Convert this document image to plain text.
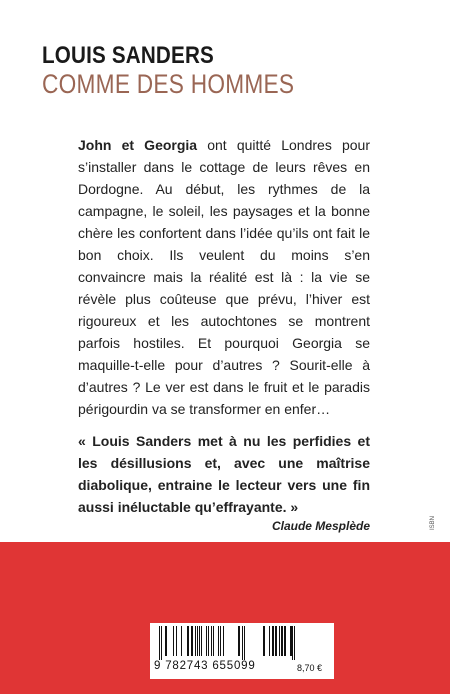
LOUIS SANDERS
COMME DES HOMMES

John et Georgia ont quitté Londres pour s’installer dans le cottage de leurs rêves en Dordogne. Au début, les rythmes de la campagne, le soleil, les paysages et la bonne chère les confortent dans l’idée qu’ils ont fait le bon choix. Ils veulent du moins s’en convaincre mais la réalité est là : la vie se révèle plus coûteuse que prévu, l’hiver est rigoureux et les autochtones se montrent parfois hostiles. Et pourquoi Georgia se maquille-t-elle pour d’autres ? Sourit-elle à d’autres ? Le ver est dans le fruit et le paradis périgourdin va se transformer en enfer…

« Louis Sanders met à nu les perfidies et les désillusions et, avec une maîtrise diabolique, entraine le lecteur vers une fin aussi inéluctable qu’effrayante. »

Claude Mesplède	ISBN
9 782743 655099	8,70 €
